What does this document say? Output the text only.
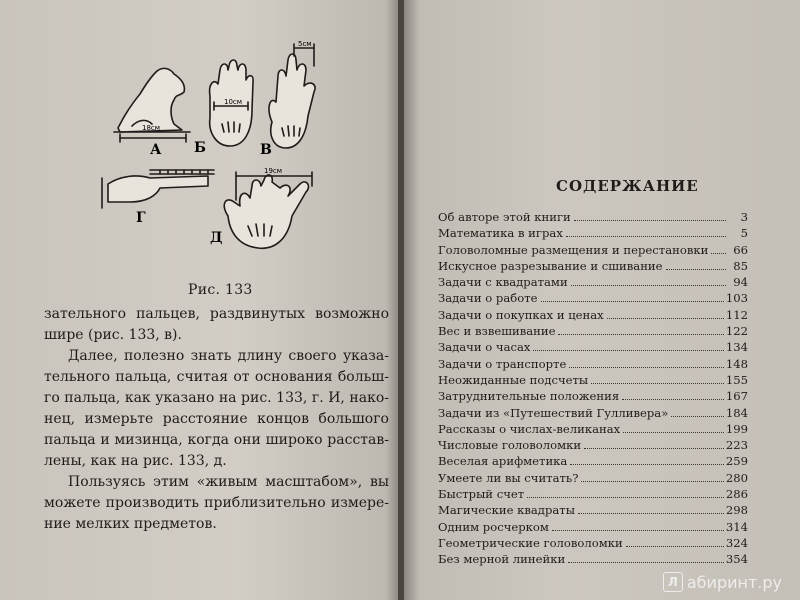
А Б	В
Г
Д
18см
10см
5см
19см
Рис. 133
зательного пальцев, раздвинутых возможно
шире (рис. 133, в).
Далее, полезно знать длину своего указа-
тельного пальца, считая от основания больш-
го пальца, как указано на рис. 133, г. И, нако-
нец, измерьте расстояние концов большого
пальца и мизинца, когда они широко расстав-
лены, как на рис. 133, д.
Пользуясь этим «живым масштабом», вы
можете производить приблизительно измере-
ние мелких предметов.
СОДЕРЖАНИЕ
Об авторе этой книги	3
Математика в играх	5
Головоломные размещения и перестановки	66
Искусное разрезывание и сшивание	85
Задачи с квадратами	94
Задачи о работе	103
Задачи о покупках и ценах	112
Вес и взвешивание	122
Задачи о часах	134
Задачи о транспорте	148
Неожиданные подсчеты	155
Затруднительные положения	167
Задачи из «Путешествий Гулливера»	184
Рассказы о числах-великанах	199
Числовые головоломки	223
Веселая арифметика	259
Умеете ли вы считать?	280
Быстрый счет	286
Магические квадраты	298
Одним росчерком	314
Геометрические головоломки	324
Без мерной линейки	354
Л абиринт.ру
